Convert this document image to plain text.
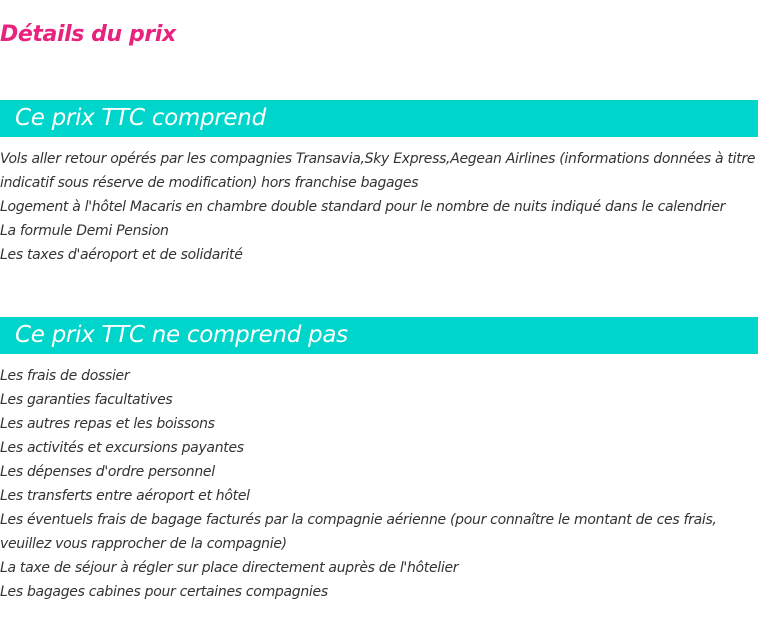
Détails du prix
Ce prix TTC comprend
Vols aller retour opérés par les compagnies Transavia,Sky Express,Aegean Airlines (informations données à titre indicatif sous réserve de modification) hors franchise bagages
Logement à l'hôtel Macaris en chambre double standard pour le nombre de nuits indiqué dans le calendrier
La formule Demi Pension
Les taxes d'aéroport et de solidarité
Ce prix TTC ne comprend pas
Les frais de dossier
Les garanties facultatives
Les autres repas et les boissons
Les activités et excursions payantes
Les dépenses d'ordre personnel
Les transferts entre aéroport et hôtel
Les éventuels frais de bagage facturés par la compagnie aérienne (pour connaître le montant de ces frais, veuillez vous rapprocher de la compagnie)
La taxe de séjour à régler sur place directement auprès de l'hôtelier
Les bagages cabines pour certaines compagnies
